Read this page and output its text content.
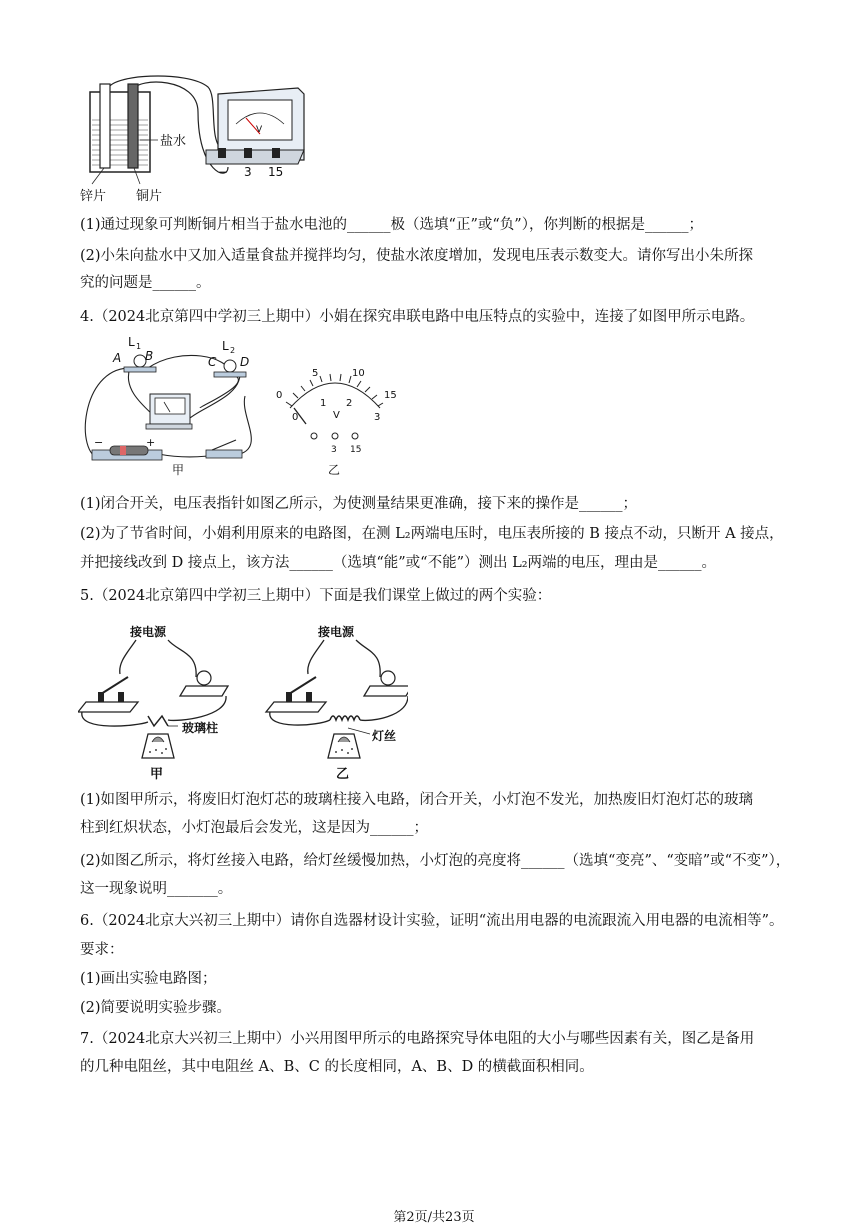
锌片 铜片
盐水
V
− 3 15
(1)通过现象可判断铜片相当于盐水电池的______极（选填“正”或“负”），你判断的根据是______；
(2)小朱向盐水中又加入适量食盐并搅拌均匀，使盐水浓度增加，发现电压表示数变大。请你写出小朱所探
究的问题是______。
4.（2024北京第四中学初三上期中）小娟在探究串联电路中电压特点的实验中，连接了如图甲所示电路。
L 1
A B
L 2
C D
−	+
甲
0
5	10
15
0
1 2
3
V
3 15
乙
(1)闭合开关，电压表指针如图乙所示，为使测量结果更准确，接下来的操作是______；
(2)为了节省时间，小娟利用原来的电路图，在测 L₂两端电压时，电压表所接的 B 接点不动，只断开 A 接点，
并把接线改到 D 接点上，该方法______（选填“能”或“不能”）测出 L₂两端的电压，理由是______。
5.（2024北京第四中学初三上期中）下面是我们课堂上做过的两个实验：
接电源
玻璃柱
甲
接电源
灯丝
乙
(1)如图甲所示，将废旧灯泡灯芯的玻璃柱接入电路，闭合开关，小灯泡不发光，加热废旧灯泡灯芯的玻璃
柱到红炽状态，小灯泡最后会发光，这是因为______；
(2)如图乙所示，将灯丝接入电路，给灯丝缓慢加热，小灯泡的亮度将______（选填“变亮”、“变暗”或“不变”），
这一现象说明_______。
6.（2024北京大兴初三上期中）请你自选器材设计实验，证明“流出用电器的电流跟流入用电器的电流相等”。
要求：
(1)画出实验电路图；
(2)简要说明实验步骤。
7.（2024北京大兴初三上期中）小兴用图甲所示的电路探究导体电阻的大小与哪些因素有关，图乙是备用
的几种电阻丝，其中电阻丝 A、B、C 的长度相同，A、B、D 的横截面积相同。
第2页/共23页
